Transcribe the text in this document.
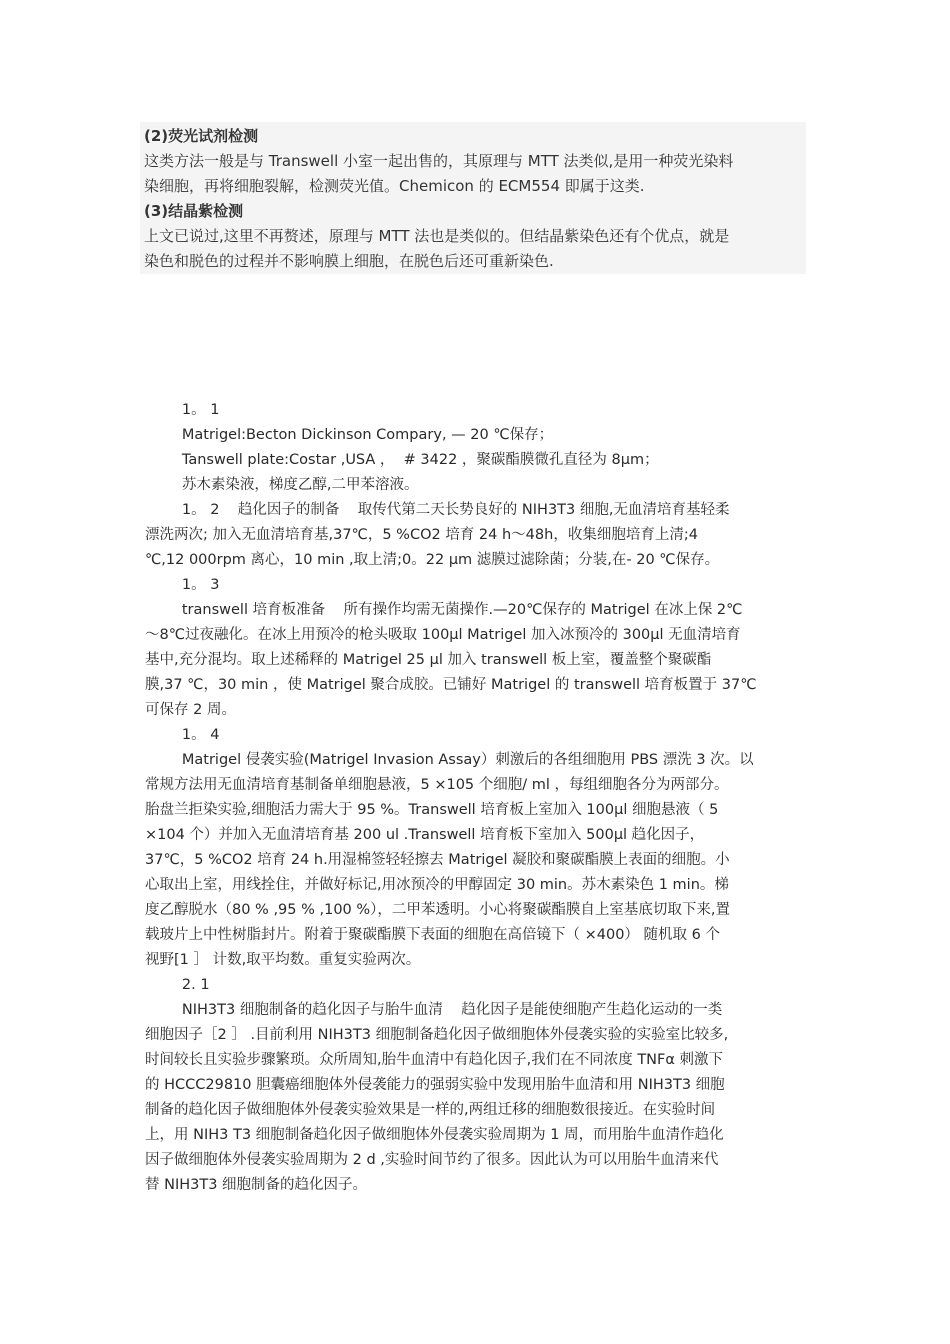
(2)荧光试剂检测
这类方法一般是与 Transwell 小室一起出售的，其原理与 MTT 法类似,是用一种荧光染料
染细胞，再将细胞裂解，检测荧光值。Chemicon 的 ECM554 即属于这类.
(3)结晶紫检测
上文已说过,这里不再赘述，原理与 MTT 法也是类似的。但结晶紫染色还有个优点，就是
染色和脱色的过程并不影响膜上细胞，在脱色后还可重新染色.
1。 1
Matrigel:Becton Dickinson Compary, — 20 ℃保存；
Tanswell plate:Costar ,USA ，  # 3422 ，聚碳酯膜微孔直径为 8μm；
苏木素染液，梯度乙醇,二甲苯溶液。
1。 2    趋化因子的制备    取传代第二天长势良好的 NIH3T3 细胞,无血清培育基轻柔
漂洗两次; 加入无血清培育基,37℃，5 %CO2 培育 24 h～48h，收集细胞培育上清;4
℃,12 000rpm 离心，10 min ,取上清;0。22 μm 滤膜过滤除菌；分装,在- 20 ℃保存。
1。 3
transwell 培育板准备    所有操作均需无菌操作.—20℃保存的 Matrigel 在冰上保 2℃
～8℃过夜融化。在冰上用预冷的枪头吸取 100μl Matrigel 加入冰预冷的 300μl 无血清培育
基中,充分混均。取上述稀释的 Matrigel 25 μl 加入 transwell 板上室，覆盖整个聚碳酯
膜,37 ℃，30 min ，使 Matrigel 聚合成胶。已铺好 Matrigel 的 transwell 培育板置于 37℃
可保存 2 周。
1。 4
Matrigel 侵袭实验(Matrigel Invasion Assay）刺激后的各组细胞用 PBS 漂洗 3 次。以
常规方法用无血清培育基制备单细胞悬液，5 ×105 个细胞/ ml ，每组细胞各分为两部分。
胎盘兰拒染实验,细胞活力需大于 95 %。Transwell 培育板上室加入 100μl 细胞悬液（ 5
×104 个）并加入无血清培育基 200 ul .Transwell 培育板下室加入 500μl 趋化因子，
37℃，5 %CO2 培育 24 h.用湿棉签轻轻擦去 Matrigel 凝胶和聚碳酯膜上表面的细胞。小
心取出上室，用线拴住，并做好标记,用冰预冷的甲醇固定 30 min。苏木素染色 1 min。梯
度乙醇脱水（80 % ,95 % ,100 %），二甲苯透明。小心将聚碳酯膜自上室基底切取下来,置
载玻片上中性树脂封片。附着于聚碳酯膜下表面的细胞在高倍镜下（ ×400） 随机取 6 个
视野[1 ］ 计数,取平均数。重复实验两次。
2. 1
NIH3T3 细胞制备的趋化因子与胎牛血清    趋化因子是能使细胞产生趋化运动的一类
细胞因子［2 ］ .目前利用 NIH3T3 细胞制备趋化因子做细胞体外侵袭实验的实验室比较多,
时间较长且实验步骤繁琐。众所周知,胎牛血清中有趋化因子,我们在不同浓度 TNFα 刺激下
的 HCCC29810 胆囊癌细胞体外侵袭能力的强弱实验中发现用胎牛血清和用 NIH3T3 细胞
制备的趋化因子做细胞体外侵袭实验效果是一样的,两组迁移的细胞数很接近。在实验时间
上，用 NIH3 T3 细胞制备趋化因子做细胞体外侵袭实验周期为 1 周，而用胎牛血清作趋化
因子做细胞体外侵袭实验周期为 2 d ,实验时间节约了很多。因此认为可以用胎牛血清来代
替 NIH3T3 细胞制备的趋化因子。
